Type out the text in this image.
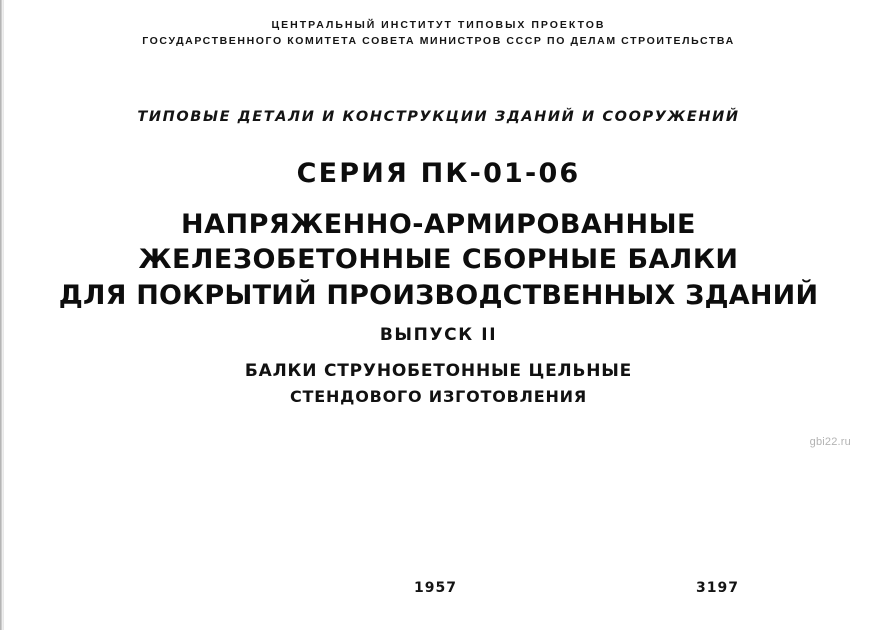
ЦЕНТРАЛЬНЫЙ ИНСТИТУТ ТИПОВЫХ ПРОЕКТОВ
ГОСУДАРСТВЕННОГО КОМИТЕТА СОВЕТА МИНИСТРОВ СССР ПО ДЕЛАМ СТРОИТЕЛЬСТВА
ТИПОВЫЕ ДЕТАЛИ И КОНСТРУКЦИИ ЗДАНИЙ И СООРУЖЕНИЙ
СЕРИЯ ПК-01-06
НАПРЯЖЕННО-АРМИРОВАННЫЕ
ЖЕЛЕЗОБЕТОННЫЕ СБОРНЫЕ БАЛКИ
ДЛЯ ПОКРЫТИЙ ПРОИЗВОДСТВЕННЫХ ЗДАНИЙ
ВЫПУСК II
БАЛКИ СТРУНОБЕТОННЫЕ ЦЕЛЬНЫЕ
СТЕНДОВОГО ИЗГОТОВЛЕНИЯ
gbi22.ru
1957	3197
